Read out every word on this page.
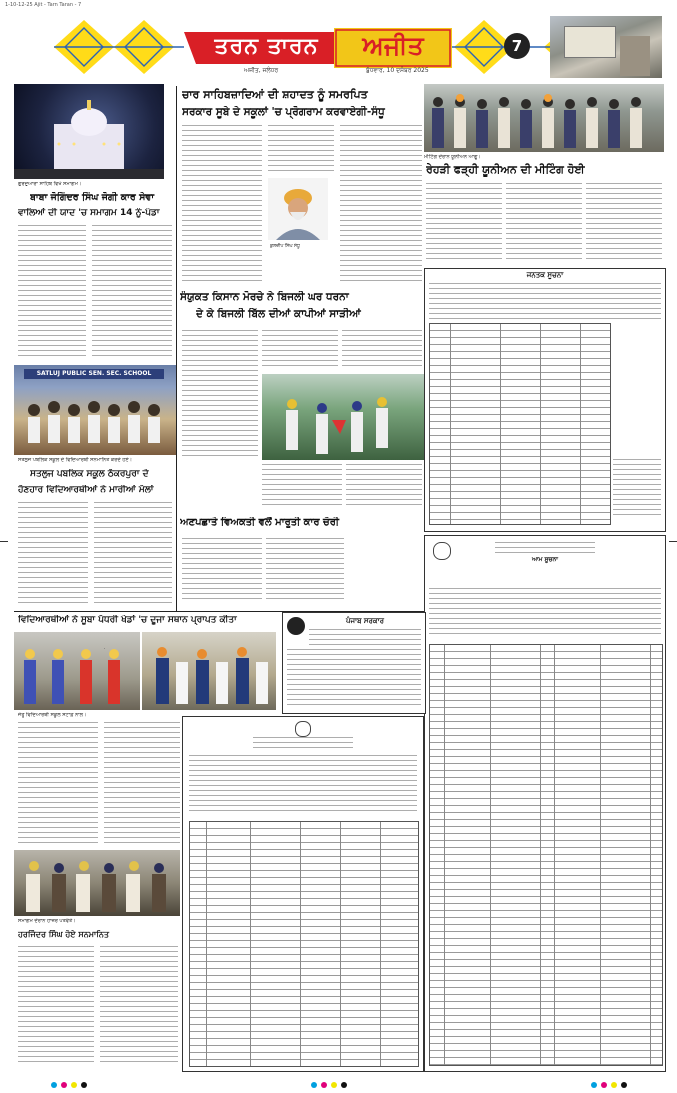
1-10-12-25 Ajit - Tarn Taran - 7
ਤਰਨ ਤਾਰਨ	ਅਜੀਤ
ਅਜੀਤ, ਜਲੰਧਰ	ਬੁੱਧਵਾਰ, 10 ਦਸੰਬਰ 2025
7
ਗੁਰਦੁਆਰਾ ਸਾਹਿਬ ਵਿਖੇ ਸਮਾਗਮ।
ਬਾਬਾ ਜੋਗਿੰਦਰ ਸਿੰਘ ਜੋਗੀ ਕਾਰ ਸੇਵਾ
ਵਾਲਿਆਂ ਦੀ ਯਾਦ 'ਚ ਸਮਾਗਮ 14 ਨੂੰ-ਪੰਡਾ
SATLUJ PUBLIC SEN. SEC. SCHOOL
ਸਤਲੁਜ ਪਬਲਿਕ ਸਕੂਲ ਦੇ ਵਿਦਿਆਰਥੀ ਸਨਮਾਨਿਤ ਕਰਦੇ ਹੋਏ।
ਸਤਲੁਜ ਪਬਲਿਕ ਸਕੂਲ ਠੱਕਰਪੁਰਾ ਦੇ
ਹੋਣਹਾਰ ਵਿਦਿਆਰਥੀਆਂ ਨੇ ਮਾਰੀਆਂ ਮੱਲਾਂ
ਚਾਰ ਸਾਹਿਬਜ਼ਾਦਿਆਂ ਦੀ ਸ਼ਹਾਦਤ ਨੂੰ ਸਮਰਪਿਤ
ਸਰਕਾਰ ਸੂਬੇ ਦੇ ਸਕੂਲਾਂ 'ਚ ਪ੍ਰੋਗਰਾਮ ਕਰਵਾਏਗੀ-ਸੰਧੂ
ਕੁਲਦੀਪ ਸਿੰਘ ਸੰਧੂ
ਸੰਯੁਕਤ ਕਿਸਾਨ ਮੋਰਚੇ ਨੇ ਬਿਜਲੀ ਘਰ ਧਰਨਾ
ਦੇ ਕੇ ਬਿਜਲੀ ਬਿੱਲ ਦੀਆਂ ਕਾਪੀਆਂ ਸਾੜੀਆਂ
ਅਣਪਛਾਤੇ ਵਿਅਕਤੀ ਵਲੋਂ ਮਾਰੂਤੀ ਕਾਰ ਚੋਰੀ
ਮੀਟਿੰਗ ਦੌਰਾਨ ਯੂਨੀਅਨ ਆਗੂ।
ਰੇਹੜੀ ਫੜ੍ਹੀ ਯੂਨੀਅਨ ਦੀ ਮੀਟਿੰਗ ਹੋਈ
ਜਨਤਕ ਸੂਚਨਾ
ਆਮ ਸੂਚਨਾ
ਵਿਦਿਆਰਥੀਆਂ ਨੇ ਸੂਬਾ ਪੱਧਰੀ ਖੇਡਾਂ 'ਚ ਦੂਜਾ ਸਥਾਨ ਪ੍ਰਾਪਤ ਕੀਤਾ
ਜੇਤੂ ਵਿਦਿਆਰਥੀ ਸਕੂਲ ਸਟਾਫ਼ ਨਾਲ।
ਪੰਜਾਬ ਸਰਕਾਰ
ਸਮਾਗਮ ਦੌਰਾਨ ਹਾਜ਼ਰ ਪਤਵੰਤੇ।
ਹਰਜਿੰਦਰ ਸਿੰਘ ਹੋਏ ਸਨਮਾਨਿਤ
